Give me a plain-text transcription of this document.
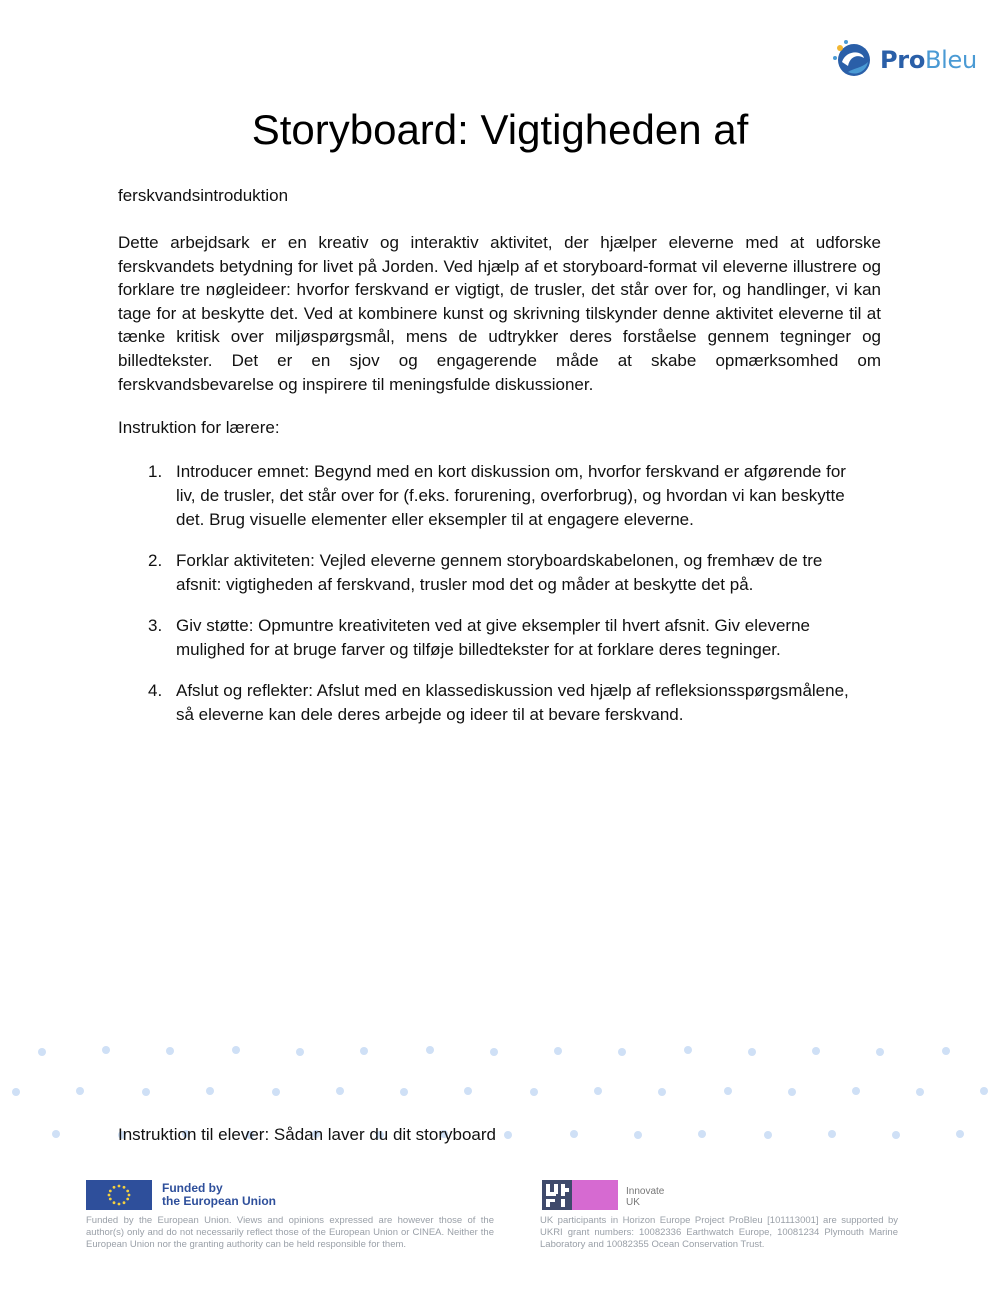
ProBleu
Storyboard: Vigtigheden af
ferskvandsintroduktion

Dette arbejdsark er en kreativ og interaktiv aktivitet, der hjælper eleverne med at udforske ferskvandets betydning for livet på Jorden. Ved hjælp af et storyboard-format vil eleverne illustrere og forklare tre nøgleideer: hvorfor ferskvand er vigtigt, de trusler, det står over for, og handlinger, vi kan tage for at beskytte det. Ved at kombinere kunst og skrivning tilskynder denne aktivitet eleverne til at tænke kritisk over miljøspørgsmål, mens de udtrykker deres forståelse gennem tegninger og billedtekster. Det er en sjov og engagerende måde at skabe opmærksomhed om ferskvandsbevarelse og inspirere til meningsfulde diskussioner.

Instruktion for lærere:
1. Introducer emnet: Begynd med en kort diskussion om, hvorfor ferskvand er afgørende for liv, de trusler, det står over for (f.eks. forurening, overforbrug), og hvordan vi kan beskytte det. Brug visuelle elementer eller eksempler til at engagere eleverne.
2. Forklar aktiviteten: Vejled eleverne gennem storyboardskabelonen, og fremhæv de tre afsnit: vigtigheden af ferskvand, trusler mod det og måder at beskytte det på.
3. Giv støtte: Opmuntre kreativiteten ved at give eksempler til hvert afsnit. Giv eleverne mulighed for at bruge farver og tilføje billedtekster for at forklare deres tegninger.
4. Afslut og reflekter: Afslut med en klassediskussion ved hjælp af refleksionsspørgsmålene, så eleverne kan dele deres arbejde og ideer til at bevare ferskvand.
Instruktion til elever: Sådan laver du dit storyboard
Funded by
the European Union
Funded by the European Union. Views and opinions expressed are however those of the author(s) only and do not necessarily reflect those of the European Union or CINEA. Neither the European Union nor the granting authority can be held responsible for them.
Innovate
UK
UK participants in Horizon Europe Project ProBleu [101113001] are supported by UKRI grant numbers: 10082336 Earthwatch Europe, 10081234 Plymouth Marine Laboratory and 10082355 Ocean Conservation Trust.
